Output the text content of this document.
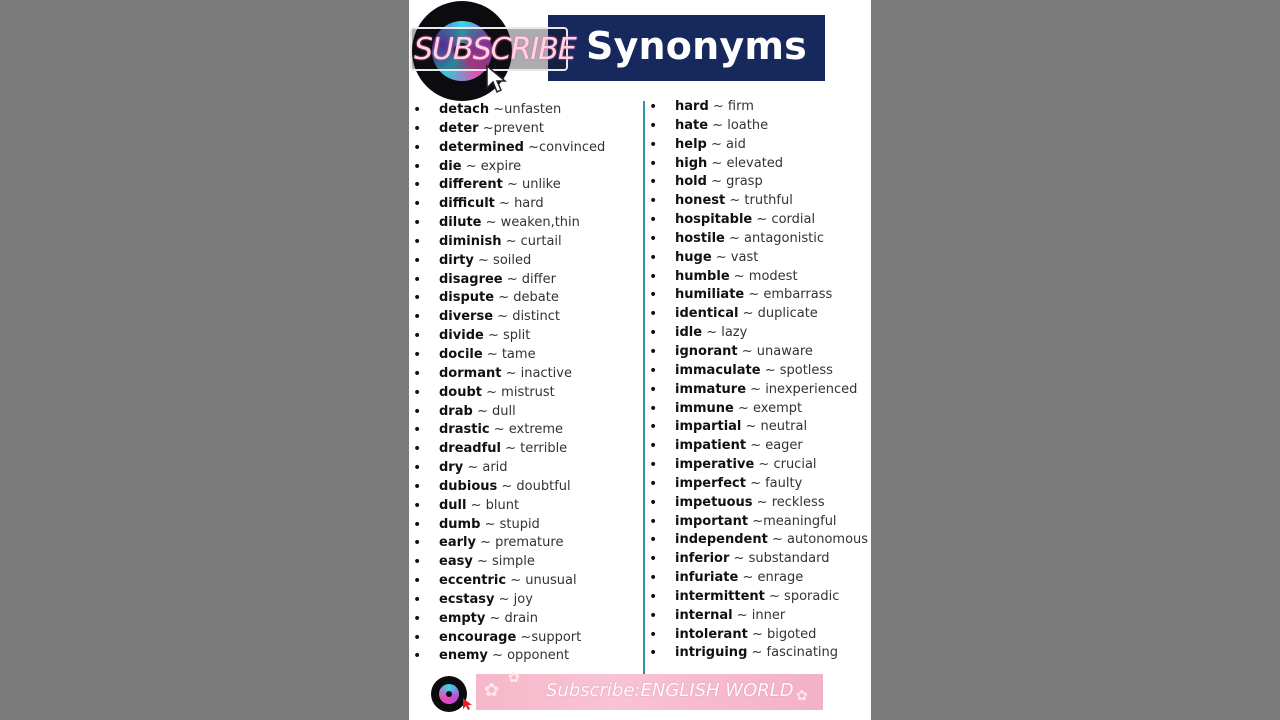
Synonyms
SUBSCRIBE
• detach ~unfasten
• deter ~prevent
• determined ~convinced
• die ~ expire
• different ~ unlike
• difficult ~ hard
• dilute ~ weaken,thin
• diminish ~ curtail
• dirty ~ soiled
• disagree ~ differ
• dispute ~ debate
• diverse ~ distinct
• divide ~ split
• docile ~ tame
• dormant ~ inactive
• doubt ~ mistrust
• drab ~ dull
• drastic ~ extreme
• dreadful ~ terrible
• dry ~ arid
• dubious ~ doubtful
• dull ~ blunt
• dumb ~ stupid
• early ~ premature
• easy ~ simple
• eccentric ~ unusual
• ecstasy ~ joy
• empty ~ drain
• encourage ~support
• enemy ~ opponent
• hard ~ firm
• hate ~ loathe
• help ~ aid
• high ~ elevated
• hold ~ grasp
• honest ~ truthful
• hospitable ~ cordial
• hostile ~ antagonistic
• huge ~ vast
• humble ~ modest
• humiliate ~ embarrass
• identical ~ duplicate
• idle ~ lazy
• ignorant ~ unaware
• immaculate ~ spotless
• immature ~ inexperienced
• immune ~ exempt
• impartial ~ neutral
• impatient ~ eager
• imperative ~ crucial
• imperfect ~ faulty
• impetuous ~ reckless
• important ~meaningful
• independent ~ autonomous
• inferior ~ substandard
• infuriate ~ enrage
• intermittent ~ sporadic
• internal ~ inner
• intolerant ~ bigoted
• intriguing ~ fascinating
✿
✿
✿
Subscribe:ENGLISH WORLD
